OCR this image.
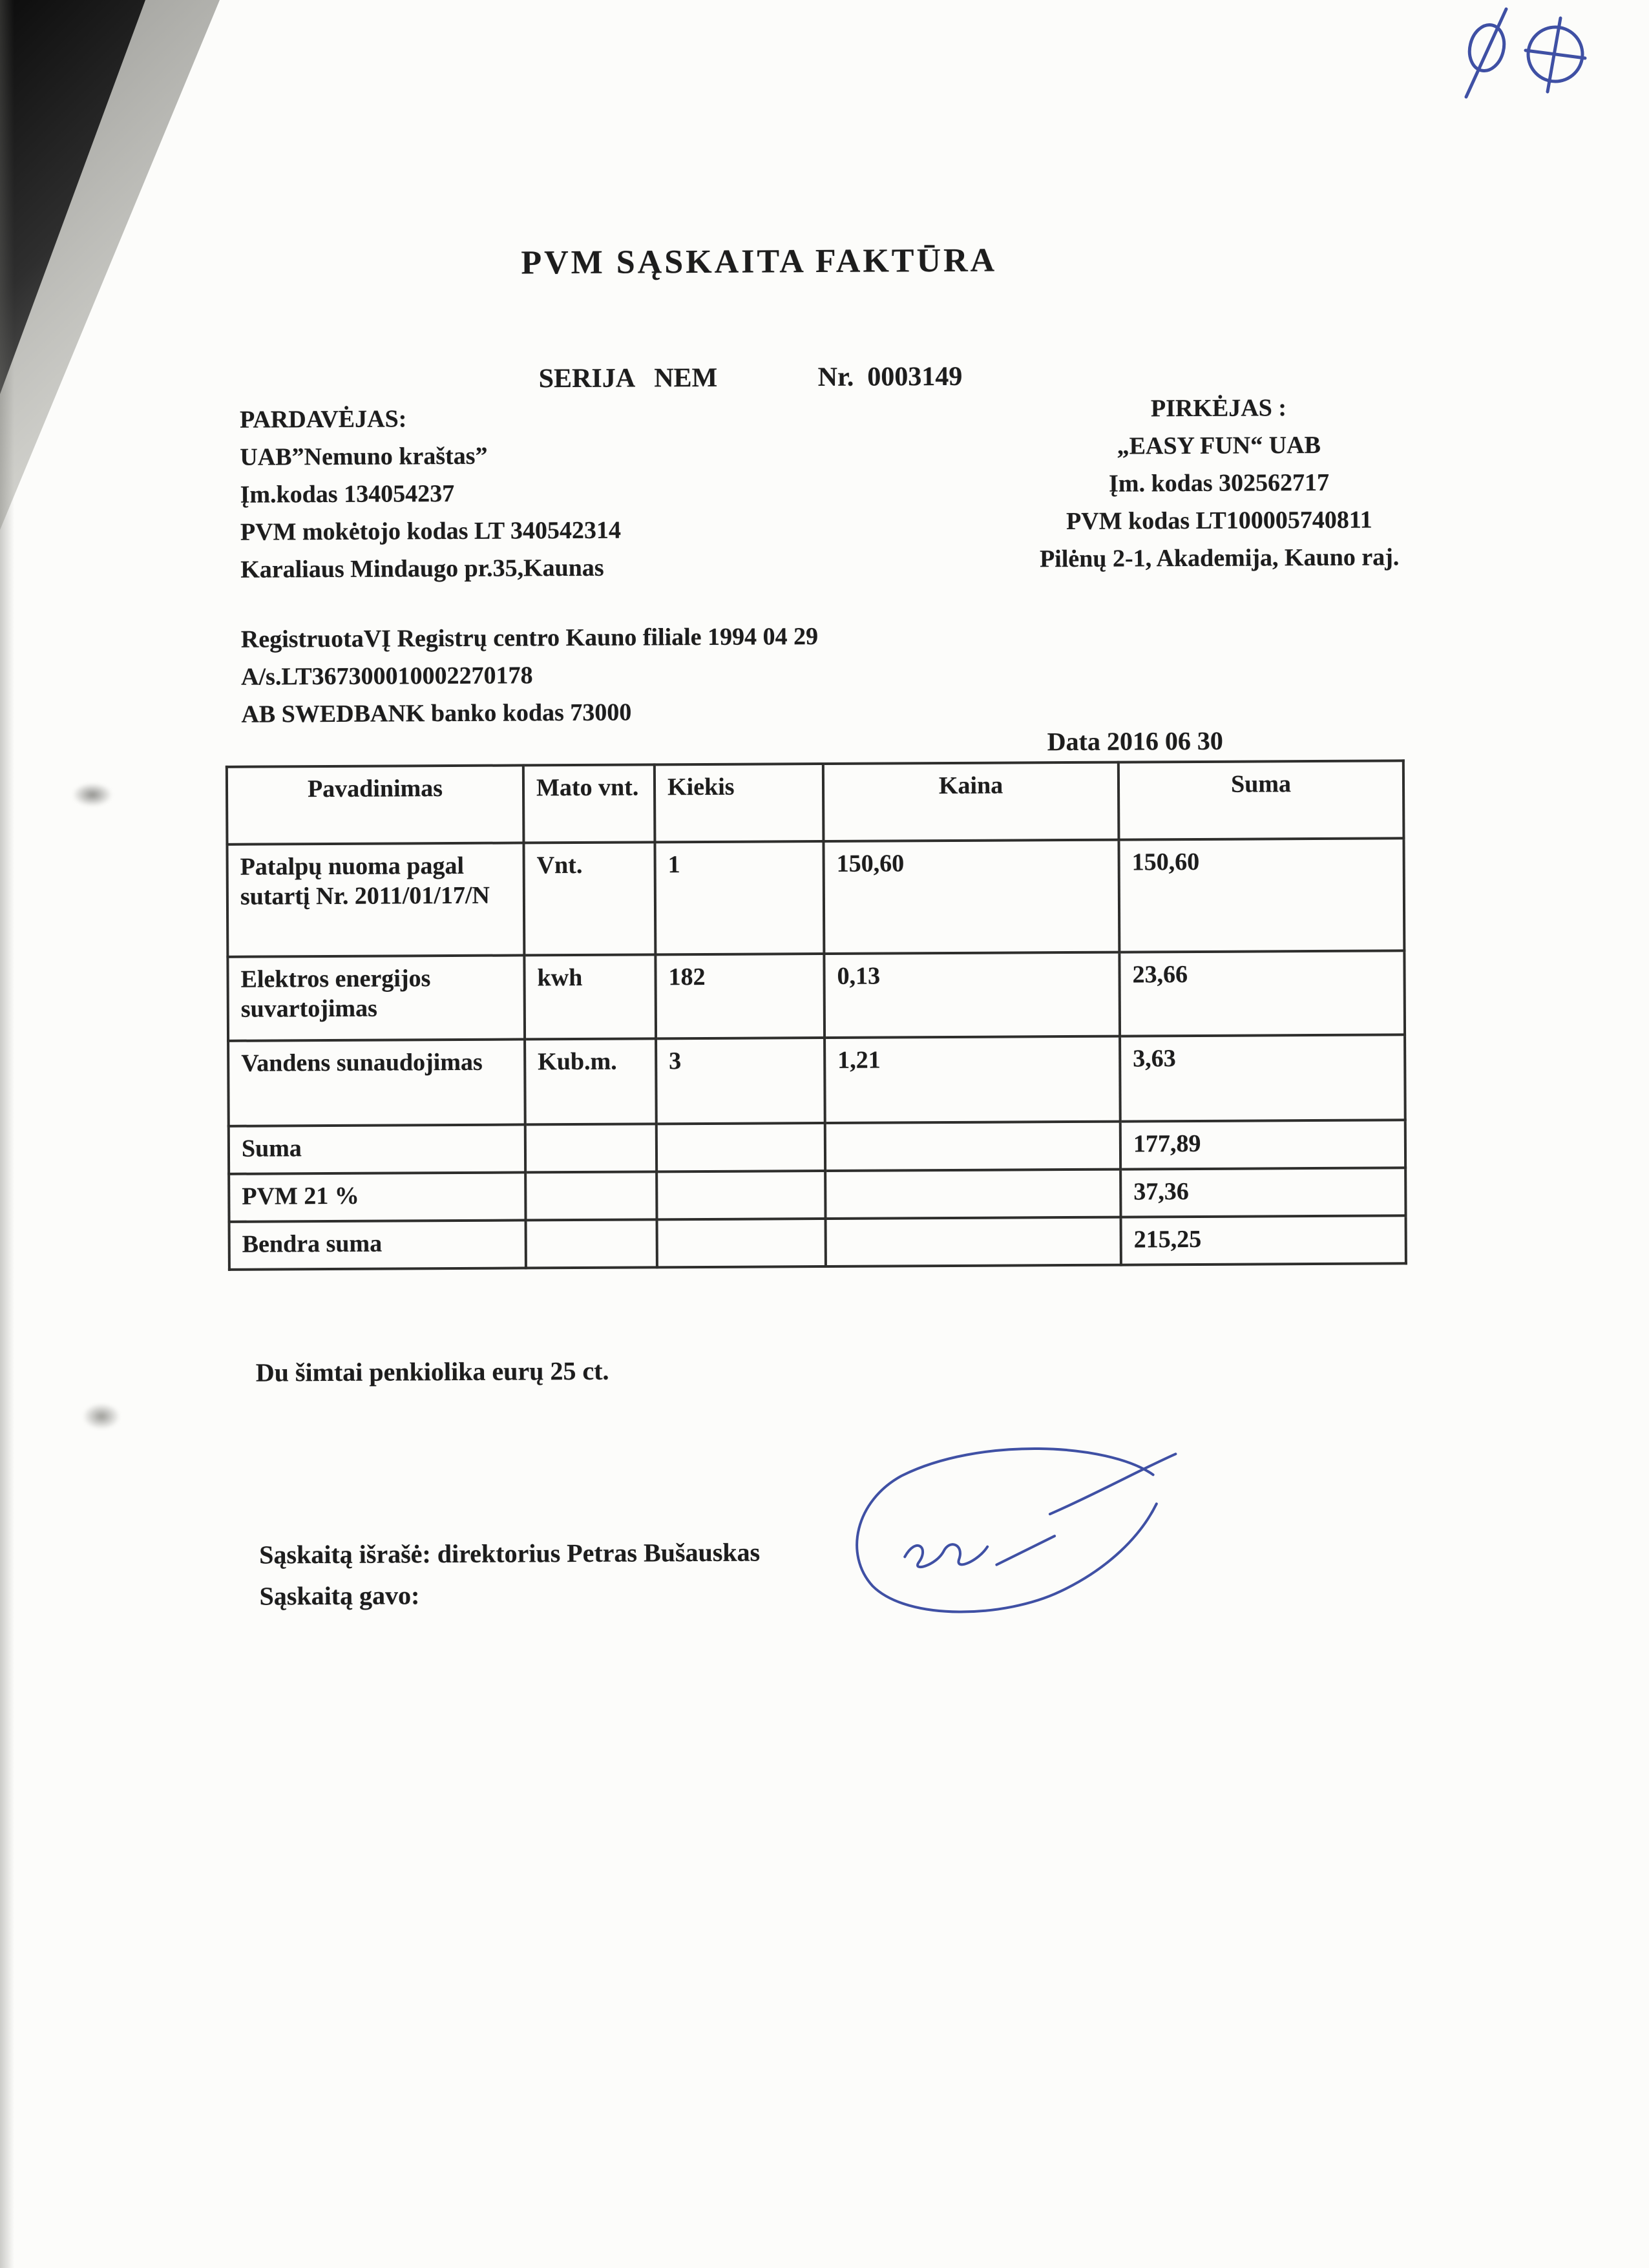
PVM SĄSKAITA FAKTŪRA
SERIJA   NEM	Nr.  0003149
PARDAVĖJAS:
UAB”Nemuno kraštas”
Įm.kodas 134054237
PVM mokėtojo kodas LT 340542314
Karaliaus Mindaugo pr.35,Kaunas
PIRKĖJAS :
„EASY FUN“ UAB
Įm. kodas 302562717
PVM kodas LT100005740811
Pilėnų 2-1, Akademija, Kauno raj.
RegistruotaVĮ Registrų centro Kauno filiale 1994 04 29
A/s.LT367300010002270178
AB SWEDBANK banko kodas 73000
Data 2016 06 30
Pavadinimas	Mato vnt.	Kiekis	Kaina	Suma
Patalpų nuoma pagal sutartį Nr. 2011/01/17/N	Vnt.	1	150,60	150,60
Elektros energijos suvartojimas	kwh	182	0,13	23,66
Vandens sunaudojimas	Kub.m.	3	1,21	3,63
Suma				177,89
PVM 21 %				37,36
Bendra suma				215,25
Du šimtai penkiolika eurų 25 ct.
Sąskaitą išrašė: direktorius Petras Bušauskas
Sąskaitą gavo:
